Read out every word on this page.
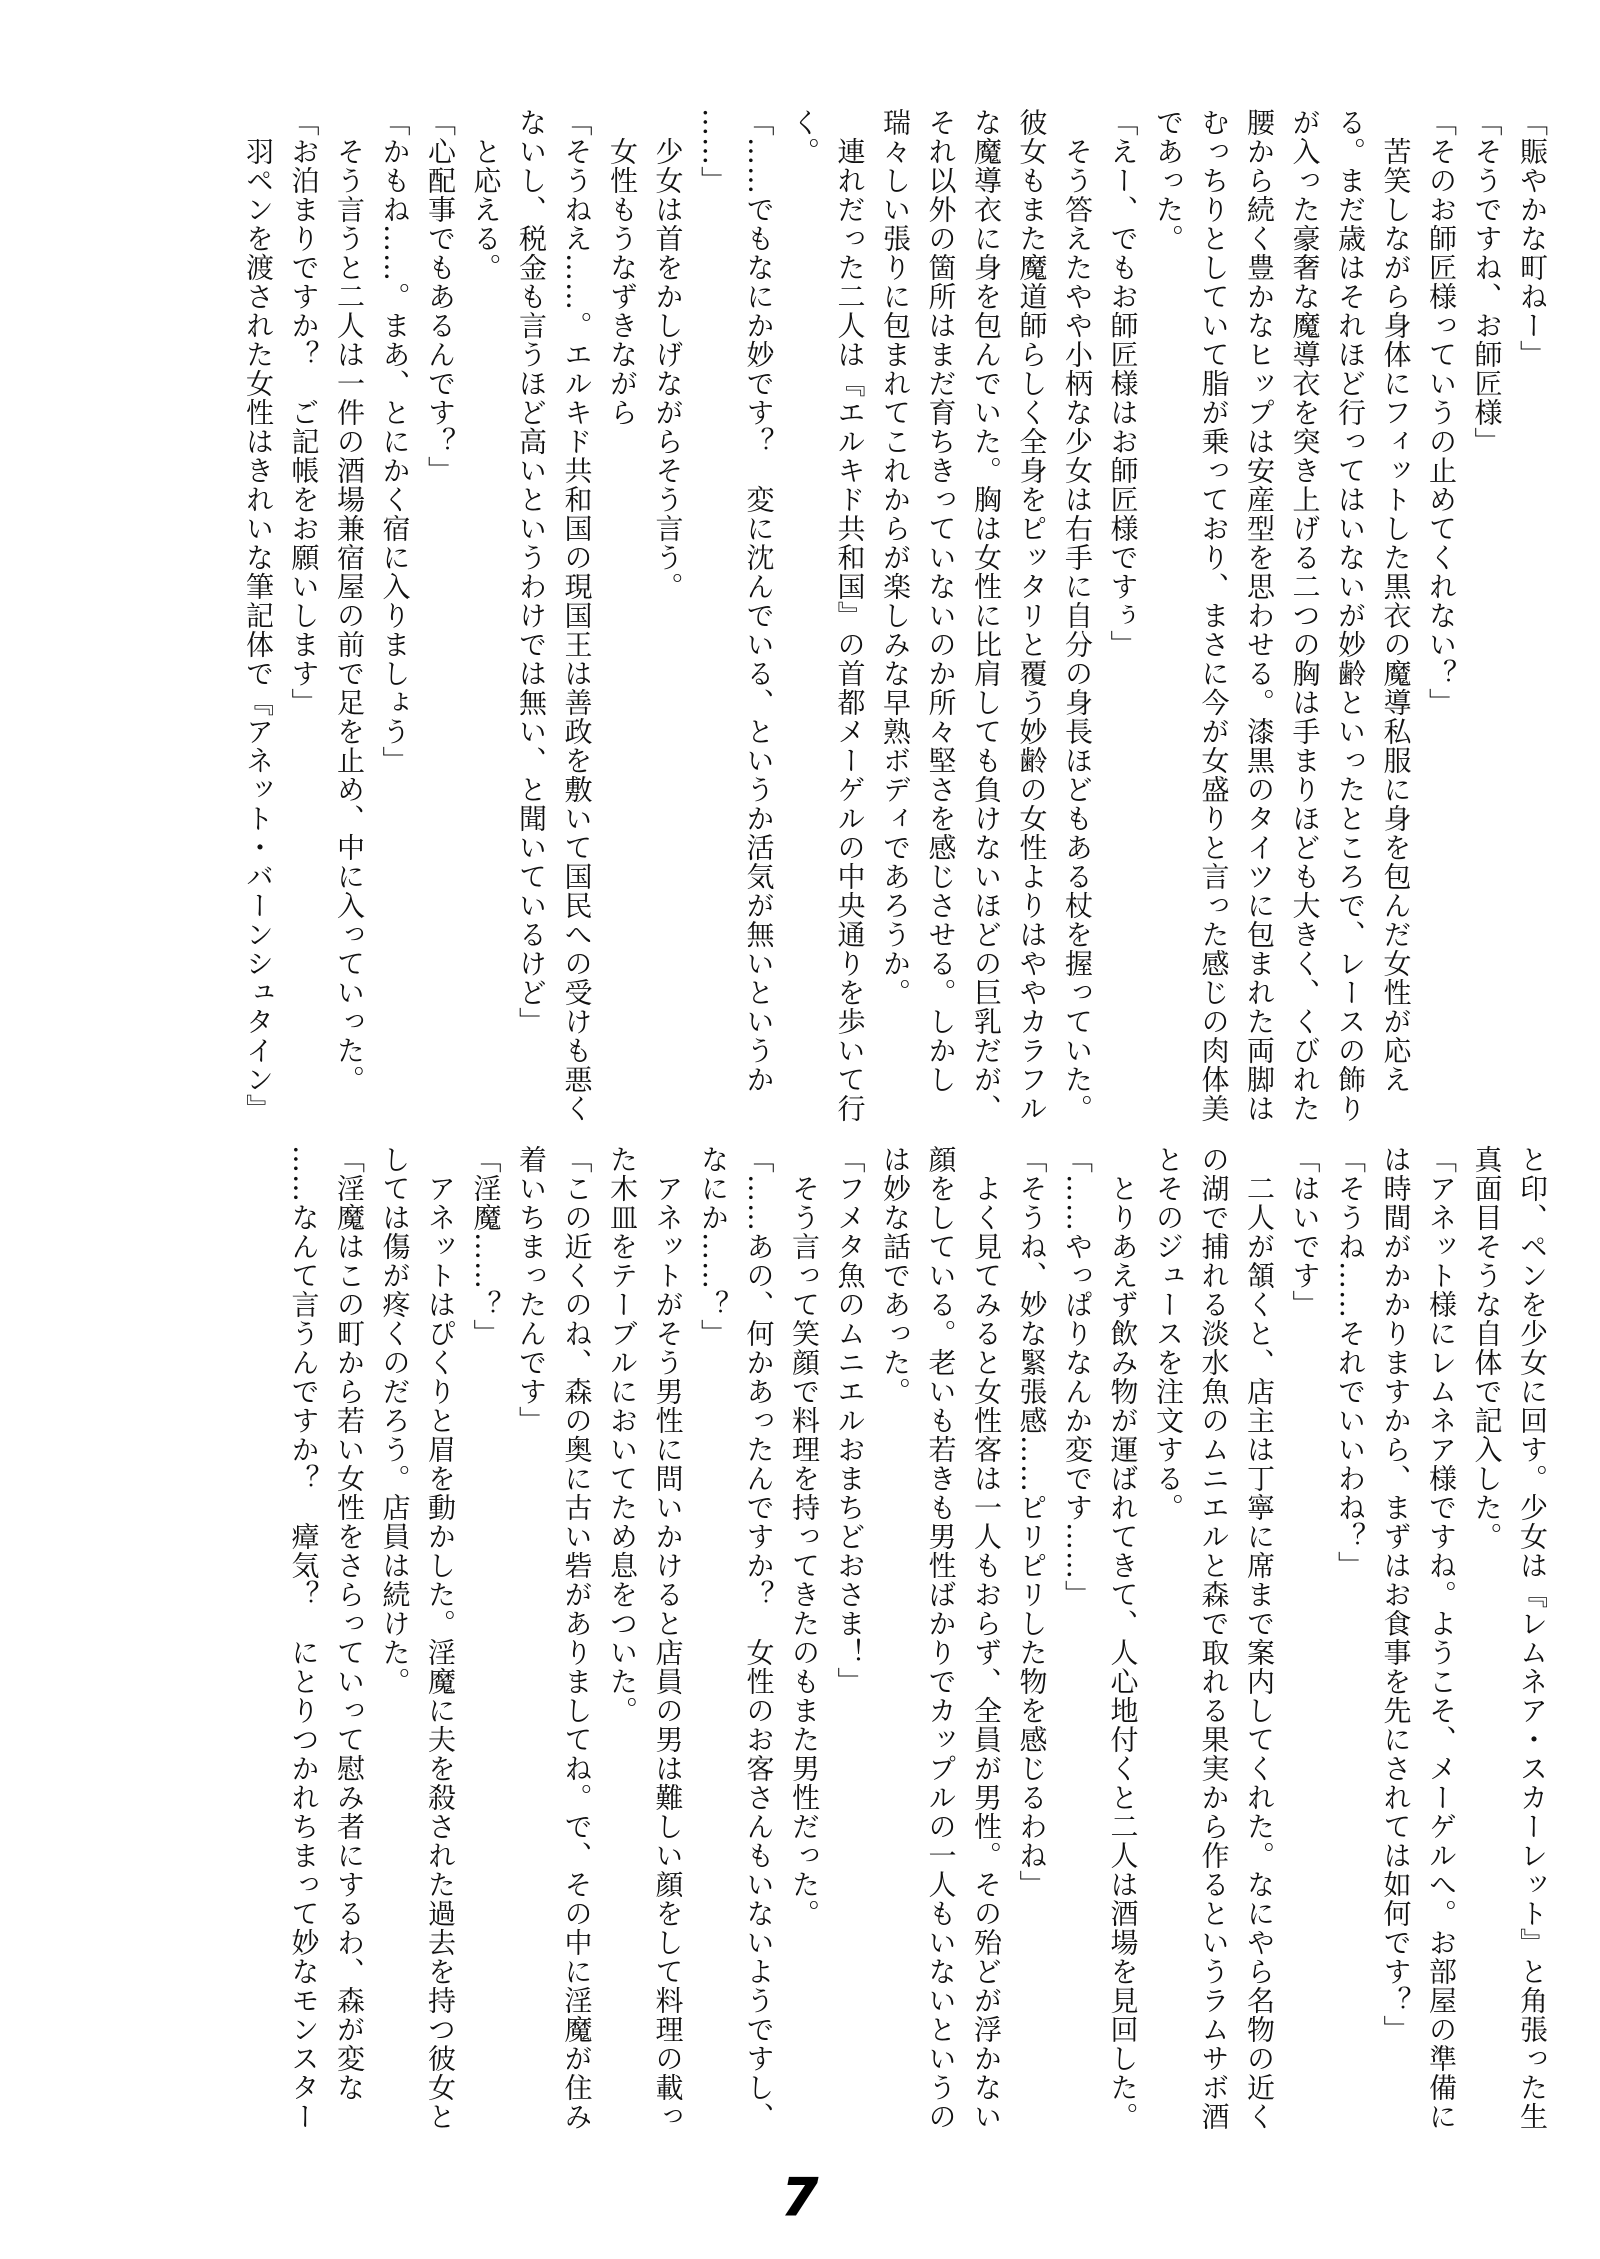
「賑やかな町ねー」
「そうですね、お師匠様」
「そのお師匠様っていうの止めてくれない？」
　苦笑しながら身体にフィットした黒衣の魔導私服に身を包んだ女性が応え
る。まだ歳はそれほど行ってはいないが妙齢といったところで、レースの飾り
が入った豪奢な魔導衣を突き上げる二つの胸は手まりほども大きく、くびれた
腰から続く豊かなヒップは安産型を思わせる。漆黒のタイツに包まれた両脚は
むっちりとしていて脂が乗っており、まさに今が女盛りと言った感じの肉体美
であった。
「えー、でもお師匠様はお師匠様ですぅ」
　そう答えたやや小柄な少女は右手に自分の身長ほどもある杖を握っていた。
彼女もまた魔道師らしく全身をピッタリと覆う妙齢の女性よりはややカラフル
な魔導衣に身を包んでいた。胸は女性に比肩しても負けないほどの巨乳だが、
それ以外の箇所はまだ育ちきっていないのか所々堅さを感じさせる。しかし
瑞々しい張りに包まれてこれからが楽しみな早熟ボディであろうか。
　連れだった二人は『エルキド共和国』の首都メーゲルの中央通りを歩いて行
く。
「……でもなにか妙です？　変に沈んでいる、というか活気が無いというか
……」
　少女は首をかしげながらそう言う。
　女性もうなずきながら
「そうねえ……。エルキド共和国の現国王は善政を敷いて国民への受けも悪く
ないし、税金も言うほど高いというわけでは無い、と聞いているけど」
　と応える。
「心配事でもあるんです？」
「かもね……。まあ、とにかく宿に入りましょう」
　そう言うと二人は一件の酒場兼宿屋の前で足を止め、中に入っていった。
「お泊まりですか？　ご記帳をお願いします」
　羽ペンを渡された女性はきれいな筆記体で『アネット・バーンシュタイン』
と印、ペンを少女に回す。少女は『レムネア・スカーレット』と角張った生
真面目そうな自体で記入した。
「アネット様にレムネア様ですね。ようこそ、メーゲルへ。お部屋の準備に
は時間がかかりますから、まずはお食事を先にされては如何です？」
「そうね……それでいいわね？」
「はいです」
　二人が頷くと、店主は丁寧に席まで案内してくれた。なにやら名物の近く
の湖で捕れる淡水魚のムニエルと森で取れる果実から作るというラムサボ酒
とそのジュースを注文する。
　とりあえず飲み物が運ばれてきて、人心地付くと二人は酒場を見回した。
「……やっぱりなんか変です……」
「そうね、妙な緊張感……ピリピリした物を感じるわね」
　よく見てみると女性客は一人もおらず、全員が男性。その殆どが浮かない
顔をしている。老いも若きも男性ばかりでカップルの一人もいないというの
は妙な話であった。
「フメタ魚のムニエルおまちどおさま！」
　そう言って笑顔で料理を持ってきたのもまた男性だった。
「……あの、何かあったんですか？　女性のお客さんもいないようですし、
なにか……？」
　アネットがそう男性に問いかけると店員の男は難しい顔をして料理の載っ
た木皿をテーブルにおいてため息をついた。
「この近くのね、森の奥に古い砦がありましてね。で、その中に淫魔が住み
着いちまったんです」
「淫魔……？」
　アネットはぴくりと眉を動かした。淫魔に夫を殺された過去を持つ彼女と
しては傷が疼くのだろう。店員は続けた。
「淫魔はこの町から若い女性をさらっていって慰み者にするわ、森が変な
……なんて言うんですか？　瘴気？　にとりつかれちまって妙なモンスター
7
